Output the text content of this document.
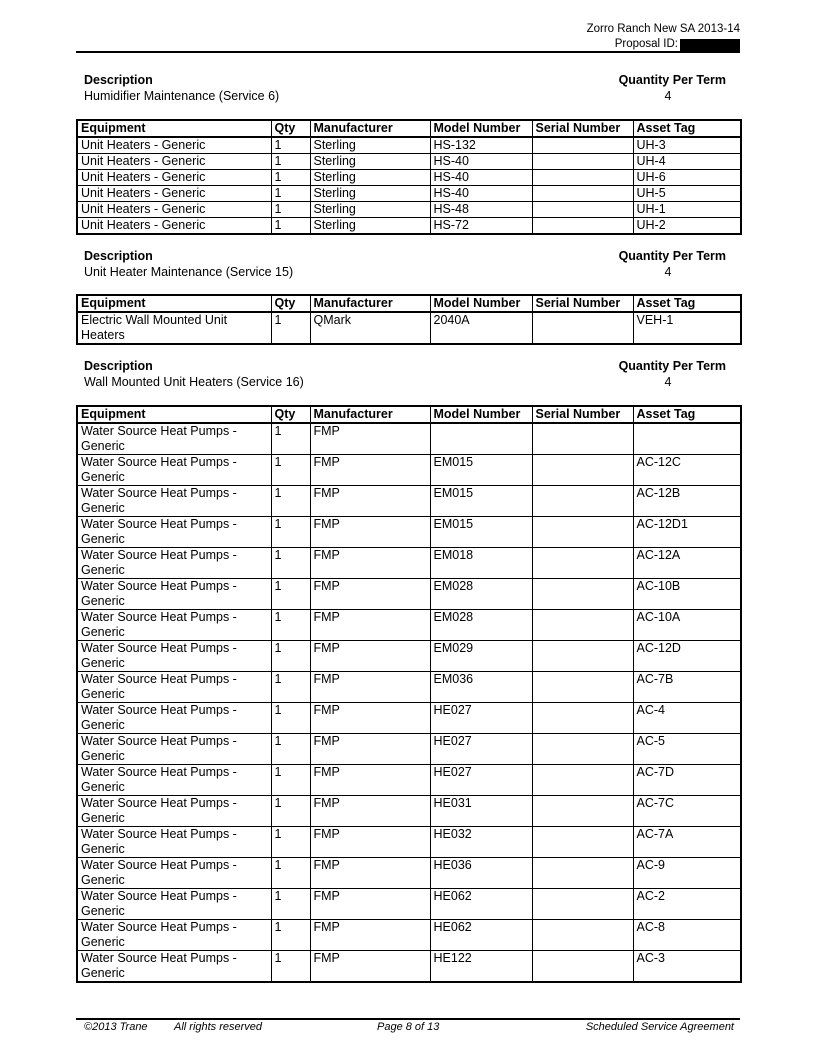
Zorro Ranch New SA 2013-14
Proposal ID:
Description	Quantity Per Term
Humidifier Maintenance (Service 6)	4
Equipment	Qty	Manufacturer	Model Number	Serial Number	Asset Tag
Unit Heaters - Generic	1	Sterling	HS-132		UH-3
Unit Heaters - Generic	1	Sterling	HS-40		UH-4
Unit Heaters - Generic	1	Sterling	HS-40		UH-6
Unit Heaters - Generic	1	Sterling	HS-40		UH-5
Unit Heaters - Generic	1	Sterling	HS-48		UH-1
Unit Heaters - Generic	1	Sterling	HS-72		UH-2
Description	Quantity Per Term
Unit Heater Maintenance (Service 15)	4
Equipment	Qty	Manufacturer	Model Number	Serial Number	Asset Tag
Electric Wall Mounted Unit Heaters	1	QMark	2040A		VEH-1
Description	Quantity Per Term
Wall Mounted Unit Heaters (Service 16)	4
Equipment	Qty	Manufacturer	Model Number	Serial Number	Asset Tag
Water Source Heat Pumps - Generic	1	FMP			
Water Source Heat Pumps - Generic	1	FMP	EM015		AC-12C
Water Source Heat Pumps - Generic	1	FMP	EM015		AC-12B
Water Source Heat Pumps - Generic	1	FMP	EM015		AC-12D1
Water Source Heat Pumps - Generic	1	FMP	EM018		AC-12A
Water Source Heat Pumps - Generic	1	FMP	EM028		AC-10B
Water Source Heat Pumps - Generic	1	FMP	EM028		AC-10A
Water Source Heat Pumps - Generic	1	FMP	EM029		AC-12D
Water Source Heat Pumps - Generic	1	FMP	EM036		AC-7B
Water Source Heat Pumps - Generic	1	FMP	HE027		AC-4
Water Source Heat Pumps - Generic	1	FMP	HE027		AC-5
Water Source Heat Pumps - Generic	1	FMP	HE027		AC-7D
Water Source Heat Pumps - Generic	1	FMP	HE031		AC-7C
Water Source Heat Pumps - Generic	1	FMP	HE032		AC-7A
Water Source Heat Pumps - Generic	1	FMP	HE036		AC-9
Water Source Heat Pumps - Generic	1	FMP	HE062		AC-2
Water Source Heat Pumps - Generic	1	FMP	HE062		AC-8
Water Source Heat Pumps - Generic	1	FMP	HE122		AC-3
©2013 Trane All rights reserved	Page 8 of 13	Scheduled Service Agreement
